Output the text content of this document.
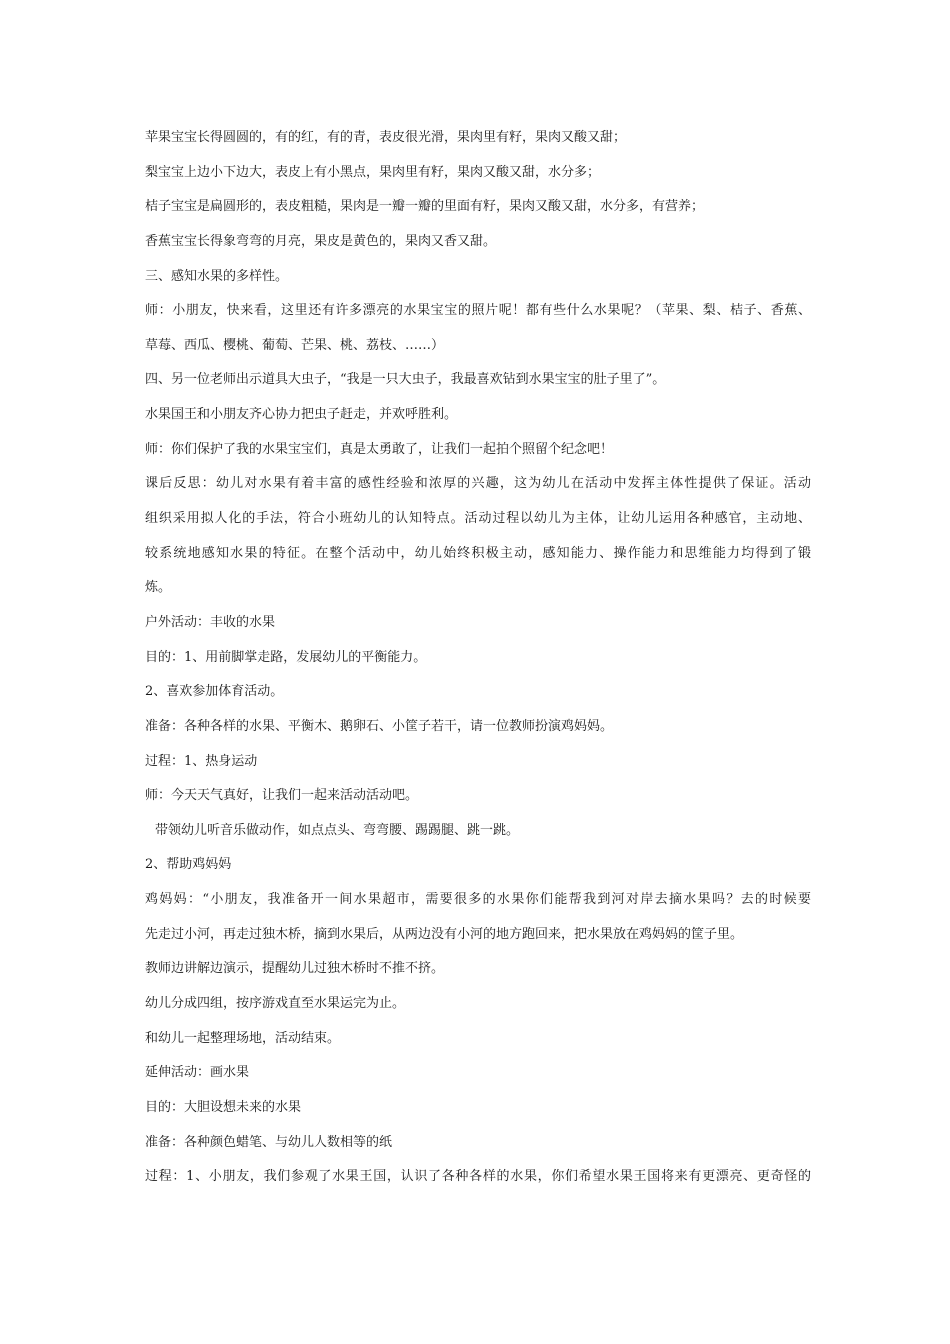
苹果宝宝长得圆圆的，有的红，有的青，表皮很光滑，果肉里有籽，果肉又酸又甜；
梨宝宝上边小下边大，表皮上有小黑点，果肉里有籽，果肉又酸又甜，水分多；
桔子宝宝是扁圆形的，表皮粗糙，果肉是一瓣一瓣的里面有籽，果肉又酸又甜，水分多，有营养；
香蕉宝宝长得象弯弯的月亮，果皮是黄色的，果肉又香又甜。
三、感知水果的多样性。
师：小朋友，快来看，这里还有许多漂亮的水果宝宝的照片呢！都有些什么水果呢？（苹果、梨、桔子、香蕉、
草莓、西瓜、樱桃、葡萄、芒果、桃、荔枝、……）
四、另一位老师出示道具大虫子，“我是一只大虫子，我最喜欢钻到水果宝宝的肚子里了”。
水果国王和小朋友齐心协力把虫子赶走，并欢呼胜利。
师：你们保护了我的水果宝宝们，真是太勇敢了，让我们一起拍个照留个纪念吧！
课后反思：幼儿对水果有着丰富的感性经验和浓厚的兴趣，这为幼儿在活动中发挥主体性提供了保证。活动
组织采用拟人化的手法，符合小班幼儿的认知特点。活动过程以幼儿为主体，让幼儿运用各种感官，主动地、
较系统地感知水果的特征。在整个活动中，幼儿始终积极主动，感知能力、操作能力和思维能力均得到了锻
炼。
户外活动：丰收的水果
目的：1、用前脚掌走路，发展幼儿的平衡能力。
2、喜欢参加体育活动。
准备：各种各样的水果、平衡木、鹅卵石、小筐子若干，请一位教师扮演鸡妈妈。
过程：1、热身运动
师：今天天气真好，让我们一起来活动活动吧。
带领幼儿听音乐做动作，如点点头、弯弯腰、踢踢腿、跳一跳。
2、帮助鸡妈妈
鸡妈妈：“小朋友，我准备开一间水果超市，需要很多的水果你们能帮我到河对岸去摘水果吗？去的时候要
先走过小河，再走过独木桥，摘到水果后，从两边没有小河的地方跑回来，把水果放在鸡妈妈的筐子里。
教师边讲解边演示，提醒幼儿过独木桥时不推不挤。
幼儿分成四组，按序游戏直至水果运完为止。
和幼儿一起整理场地，活动结束。
延伸活动：画水果
目的：大胆设想未来的水果
准备：各种颜色蜡笔、与幼儿人数相等的纸
过程：1、小朋友，我们参观了水果王国，认识了各种各样的水果，你们希望水果王国将来有更漂亮、更奇怪的
